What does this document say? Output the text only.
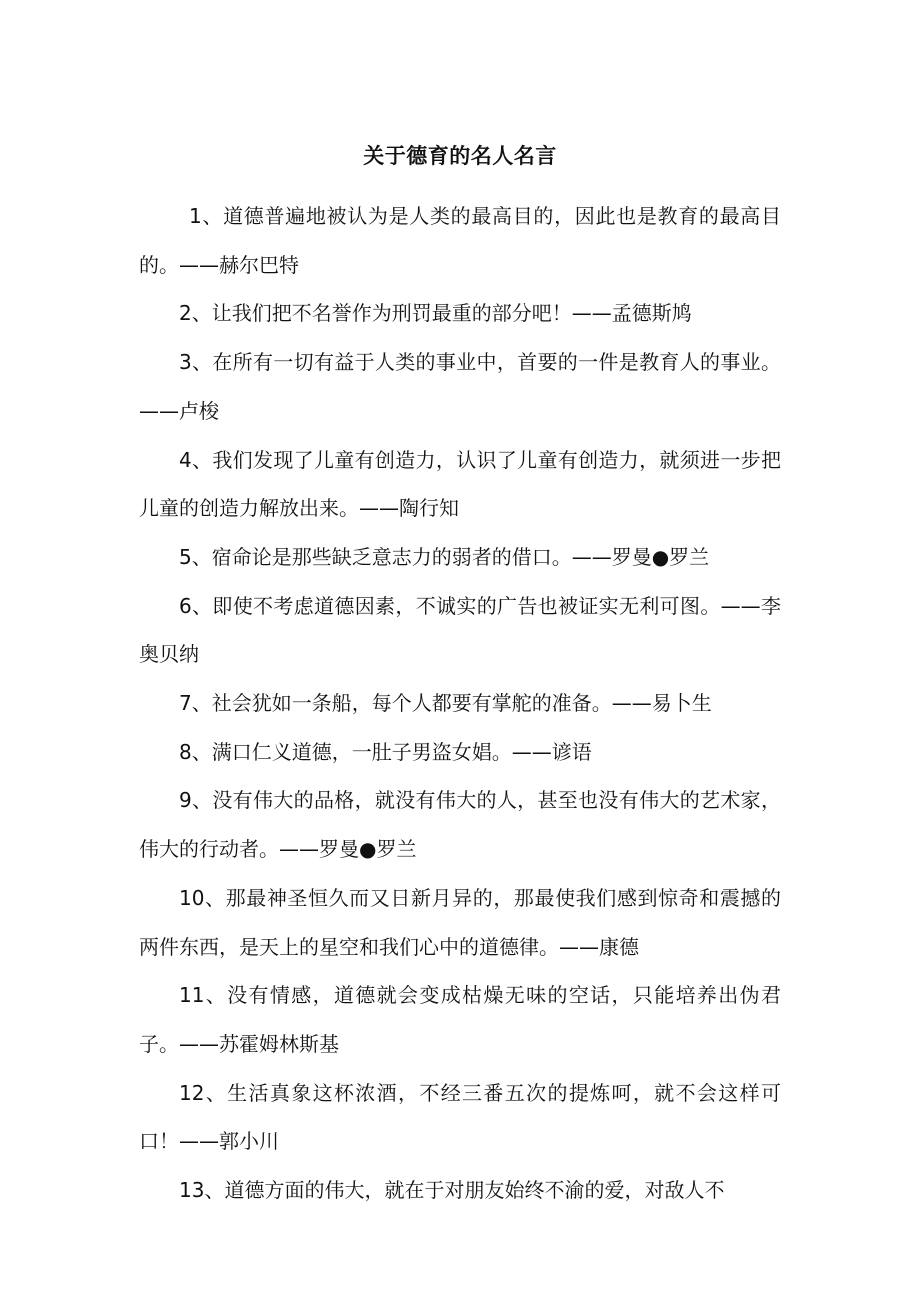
关于德育的名人名言

1、道德普遍地被认为是人类的最高目的，因此也是教育的最高目的。——赫尔巴特

2、让我们把不名誉作为刑罚最重的部分吧！——孟德斯鸠

3、在所有一切有益于人类的事业中，首要的一件是教育人的事业。——卢梭

4、我们发现了儿童有创造力，认识了儿童有创造力，就须进一步把儿童的创造力解放出来。——陶行知

5、宿命论是那些缺乏意志力的弱者的借口。——罗曼●罗兰

6、即使不考虑道德因素，不诚实的广告也被证实无利可图。——李奥贝纳

7、社会犹如一条船，每个人都要有掌舵的准备。——易卜生

8、满口仁义道德，一肚子男盗女娼。——谚语

9、没有伟大的品格，就没有伟大的人，甚至也没有伟大的艺术家，伟大的行动者。——罗曼●罗兰

10、那最神圣恒久而又日新月异的，那最使我们感到惊奇和震撼的两件东西，是天上的星空和我们心中的道德律。——康德

11、没有情感，道德就会变成枯燥无味的空话，只能培养出伪君子。——苏霍姆林斯基

12、生活真象这杯浓酒，不经三番五次的提炼呵，就不会这样可口！——郭小川

13、道德方面的伟大，就在于对朋友始终不渝的爱，对敌人不
